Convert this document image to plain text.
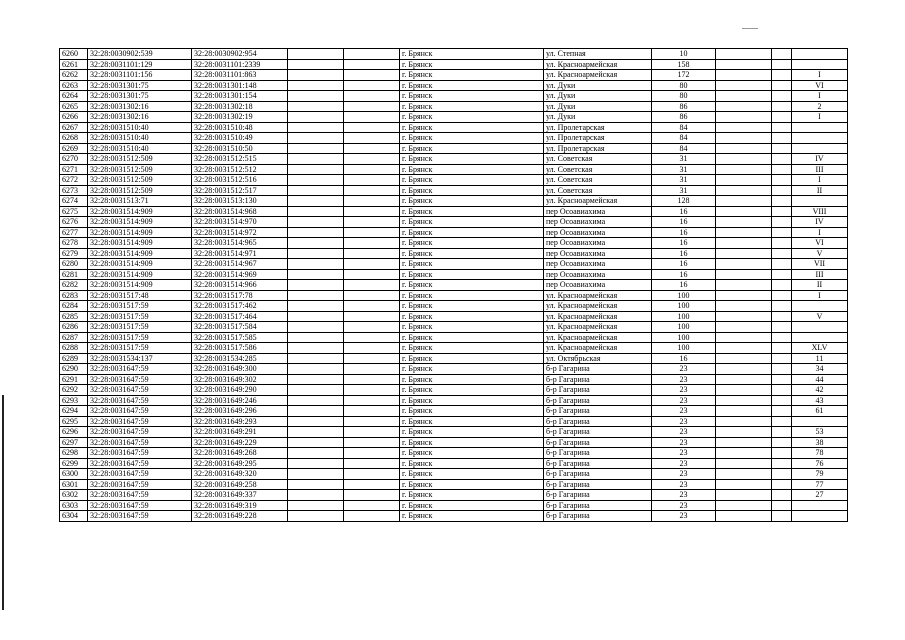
6260	32:28:0030902:539	32:28:0030902:954			г. Брянск	ул. Степная	10			
6261	32:28:0031101:129	32:28:0031101:2339			г. Брянск	ул. Красноармейская	158			
6262	32:28:0031101:156	32:28:0031101:863			г. Брянск	ул. Красноармейская	172			I
6263	32:28:0031301:75	32:28:0031301:148			г. Брянск	ул. Дуки	80			VI
6264	32:28:0031301:75	32:28:0031301:154			г. Брянск	ул. Дуки	80			I
6265	32:28:0031302:16	32:28:0031302:18			г. Брянск	ул. Дуки	86			2
6266	32:28:0031302:16	32:28:0031302:19			г. Брянск	ул. Дуки	86			I
6267	32:28:0031510:40	32:28:0031510:48			г. Брянск	ул. Пролетарская	84			
6268	32:28:0031510:40	32:28:0031510:49			г. Брянск	ул. Пролетарская	84			
6269	32:28:0031510:40	32:28:0031510:50			г. Брянск	ул. Пролетарская	84			
6270	32:28:0031512:509	32:28:0031512:515			г. Брянск	ул. Советская	31			IV
6271	32:28:0031512:509	32:28:0031512:512			г. Брянск	ул. Советская	31			III
6272	32:28:0031512:509	32:28:0031512:516			г. Брянск	ул. Советская	31			I
6273	32:28:0031512:509	32:28:0031512:517			г. Брянск	ул. Советская	31			II
6274	32:28:0031513:71	32:28:0031513:130			г. Брянск	ул. Красноармейская	128			
6275	32:28:0031514:909	32:28:0031514:968			г. Брянск	пер Осоавиахима	16			VIII
6276	32:28:0031514:909	32:28:0031514:970			г. Брянск	пер Осоавиахима	16			IV
6277	32:28:0031514:909	32:28:0031514:972			г. Брянск	пер Осоавиахима	16			I
6278	32:28:0031514:909	32:28:0031514:965			г. Брянск	пер Осоавиахима	16			VI
6279	32:28:0031514:909	32:28:0031514:971			г. Брянск	пер Осоавиахима	16			V
6280	32:28:0031514:909	32:28:0031514:967			г. Брянск	пер Осоавиахима	16			VII
6281	32:28:0031514:909	32:28:0031514:969			г. Брянск	пер Осоавиахима	16			III
6282	32:28:0031514:909	32:28:0031514:966			г. Брянск	пер Осоавиахима	16			II
6283	32:28:0031517:48	32:28:0031517:78			г. Брянск	ул. Красноармейская	100			I
6284	32:28:0031517:59	32:28:0031517:462			г. Брянск	ул. Красноармейская	100			
6285	32:28:0031517:59	32:28:0031517:464			г. Брянск	ул. Красноармейская	100			V
6286	32:28:0031517:59	32:28:0031517:584			г. Брянск	ул. Красноармейская	100			
6287	32:28:0031517:59	32:28:0031517:585			г. Брянск	ул. Красноармейская	100			
6288	32:28:0031517:59	32:28:0031517:586			г. Брянск	ул. Красноармейская	100			XLV
6289	32:28:0031534:137	32:28:0031534:285			г. Брянск	ул. Октябрьская	16			11
6290	32:28:0031647:59	32:28:0031649:300			г. Брянск	б-р Гагарина	23			34
6291	32:28:0031647:59	32:28:0031649:302			г. Брянск	б-р Гагарина	23			44
6292	32:28:0031647:59	32:28:0031649:290			г. Брянск	б-р Гагарина	23			42
6293	32:28:0031647:59	32:28:0031649:246			г. Брянск	б-р Гагарина	23			43
6294	32:28:0031647:59	32:28:0031649:296			г. Брянск	б-р Гагарина	23			61
6295	32:28:0031647:59	32:28:0031649:293			г. Брянск	б-р Гагарина	23			
6296	32:28:0031647:59	32:28:0031649:291			г. Брянск	б-р Гагарина	23			53
6297	32:28:0031647:59	32:28:0031649:229			г. Брянск	б-р Гагарина	23			38
6298	32:28:0031647:59	32:28:0031649:268			г. Брянск	б-р Гагарина	23			78
6299	32:28:0031647:59	32:28:0031649:295			г. Брянск	б-р Гагарина	23			76
6300	32:28:0031647:59	32:28:0031649:320			г. Брянск	б-р Гагарина	23			79
6301	32:28:0031647:59	32:28:0031649:258			г. Брянск	б-р Гагарина	23			77
6302	32:28:0031647:59	32:28:0031649:337			г. Брянск	б-р Гагарина	23			27
6303	32:28:0031647:59	32:28:0031649:319			г. Брянск	б-р Гагарина	23			
6304	32:28:0031647:59	32:28:0031649:228			г. Брянск	б-р Гагарина	23			
